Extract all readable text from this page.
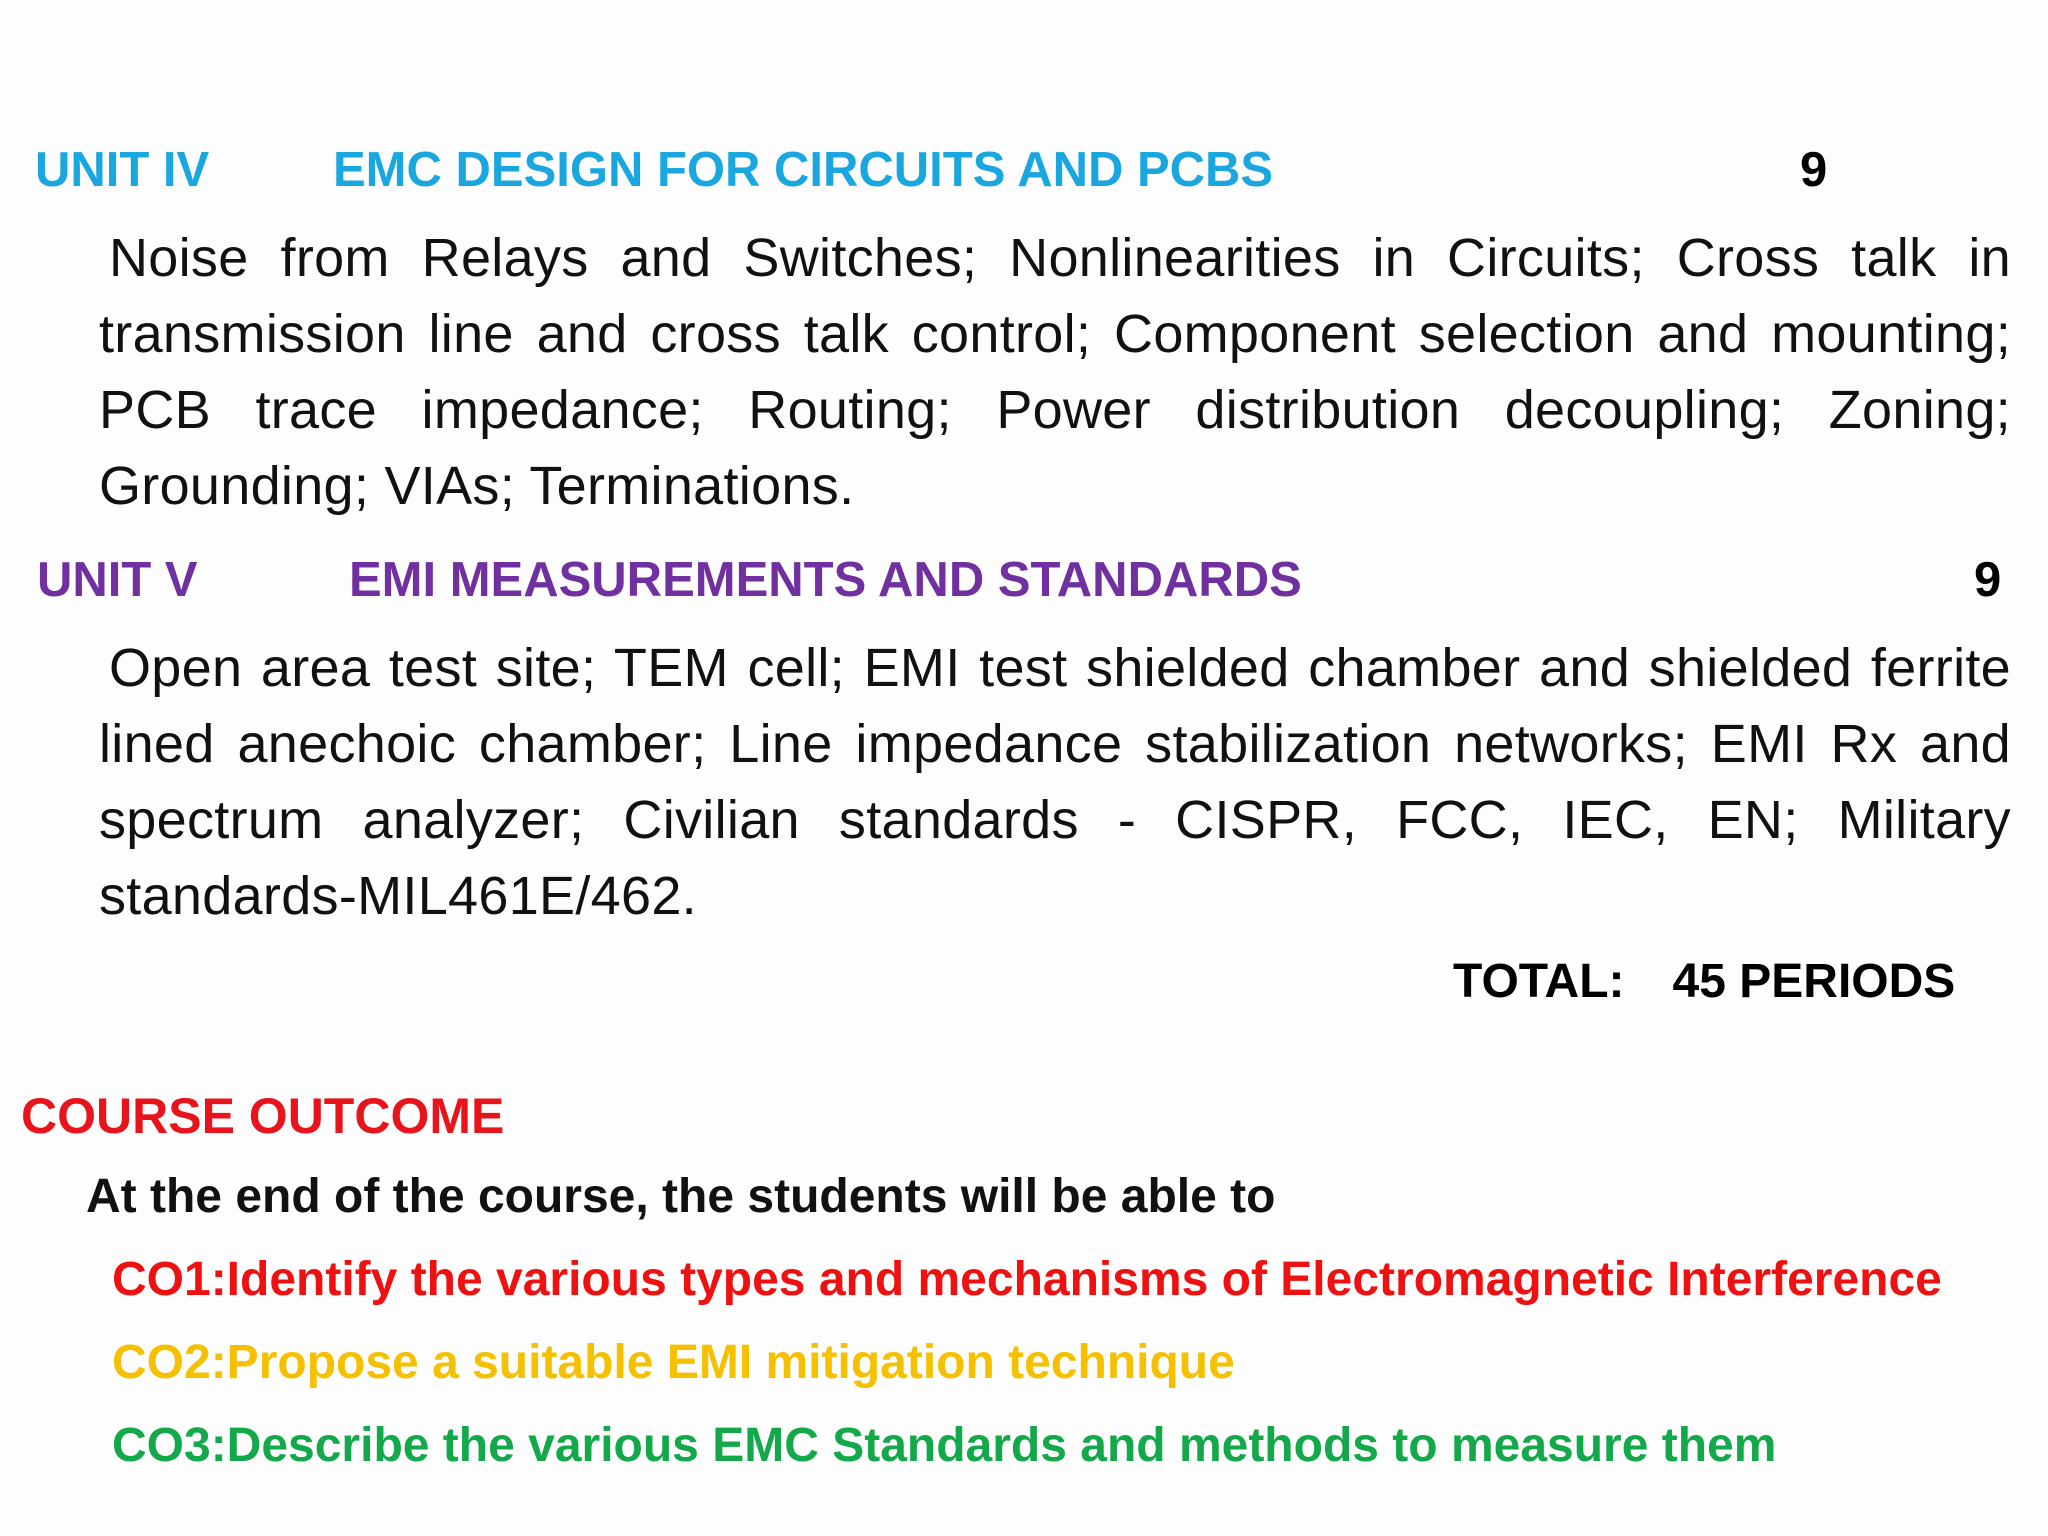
UNIT IV	EMC DESIGN FOR CIRCUITS AND PCBS	9
Noise from Relays and Switches; Nonlinearities in Circuits; Cross talk in transmission line and cross talk control; Component selection and mounting; PCB trace impedance; Routing; Power distribution decoupling; Zoning; Grounding; VIAs; Terminations.
UNIT V	EMI MEASUREMENTS AND STANDARDS	9
Open area test site; TEM cell; EMI test shielded chamber and shielded ferrite lined anechoic chamber; Line impedance stabilization networks; EMI Rx and spectrum analyzer; Civilian standards - CISPR, FCC, IEC, EN; Military standards-MIL461E/462.
TOTAL: 45 PERIODS
COURSE OUTCOME
At the end of the course, the students will be able to
CO1:Identify the various types and mechanisms of Electromagnetic Interference
CO2:Propose a suitable EMI mitigation technique
CO3:Describe the various EMC Standards and methods to measure them
